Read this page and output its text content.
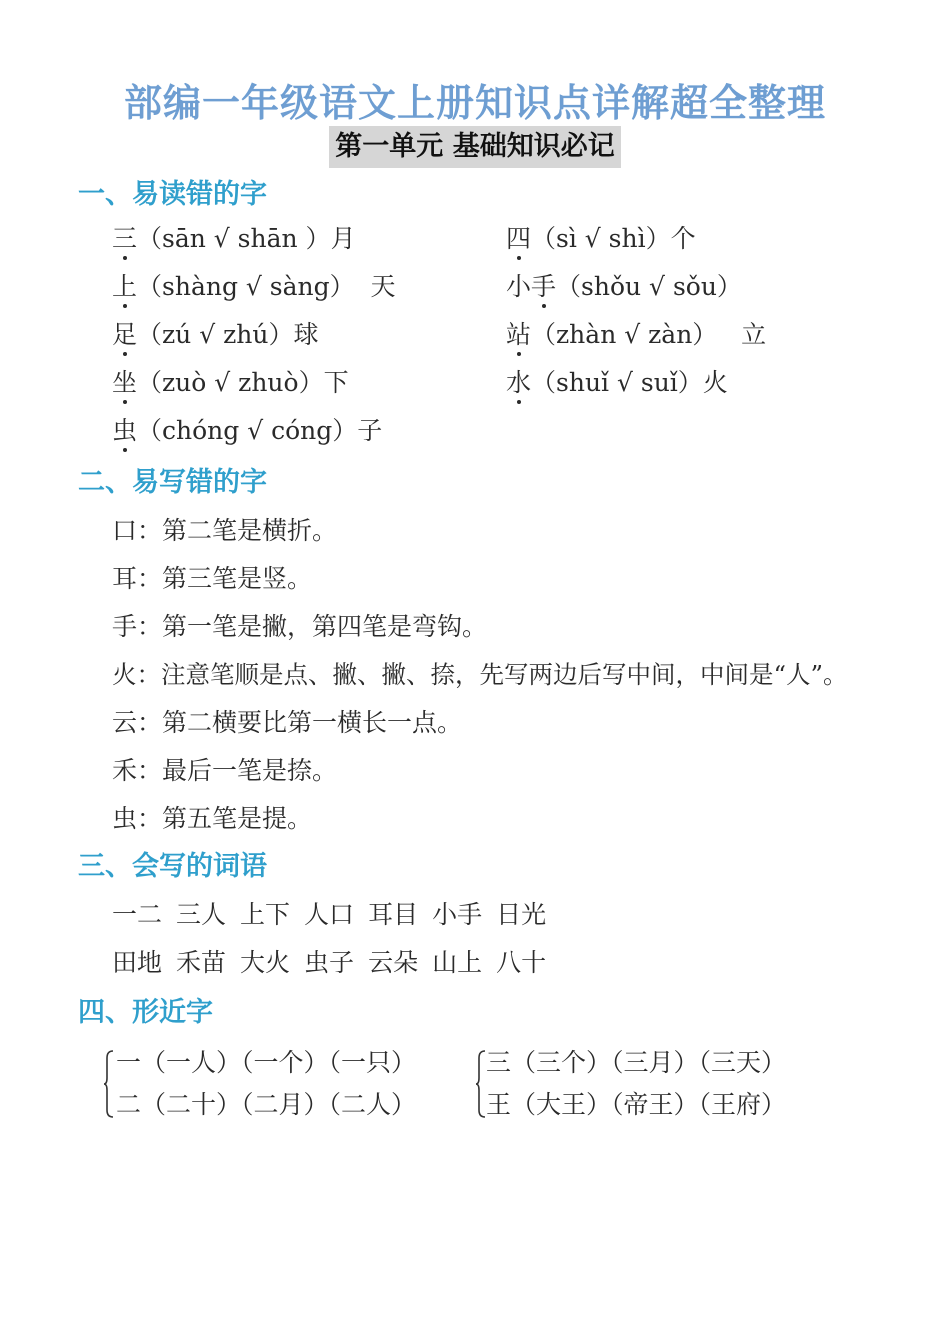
部编一年级语文上册知识点详解超全整理
第一单元 基础知识必记
一、易读错的字
三（sān √ shān ）月	四（sì √ shì）个
上（shàng √ sàng） 天	小手（shǒu √ sǒu）
足（zú √ zhú）球	站（zhàn √ zàn） 立
坐（zuò √ zhuò）下	水（shuǐ √ suǐ）火
虫（chóng √ cóng）子
二、易写错的字
口：第二笔是横折。
耳：第三笔是竖。
手：第一笔是撇，第四笔是弯钩。
火：注意笔顺是点、撇、撇、捺，先写两边后写中间，中间是“人”。
云：第二横要比第一横长一点。
禾：最后一笔是捺。
虫：第五笔是提。
三、会写的词语
一二 三人 上下 人口 耳目 小手 日光
田地 禾苗 大火 虫子 云朵 山上 八十
四、形近字
一（一人）（一个）（一只）
二（二十）（二月）（二人）
三（三个）（三月）（三天）
王（大王）（帝王）（王府）
